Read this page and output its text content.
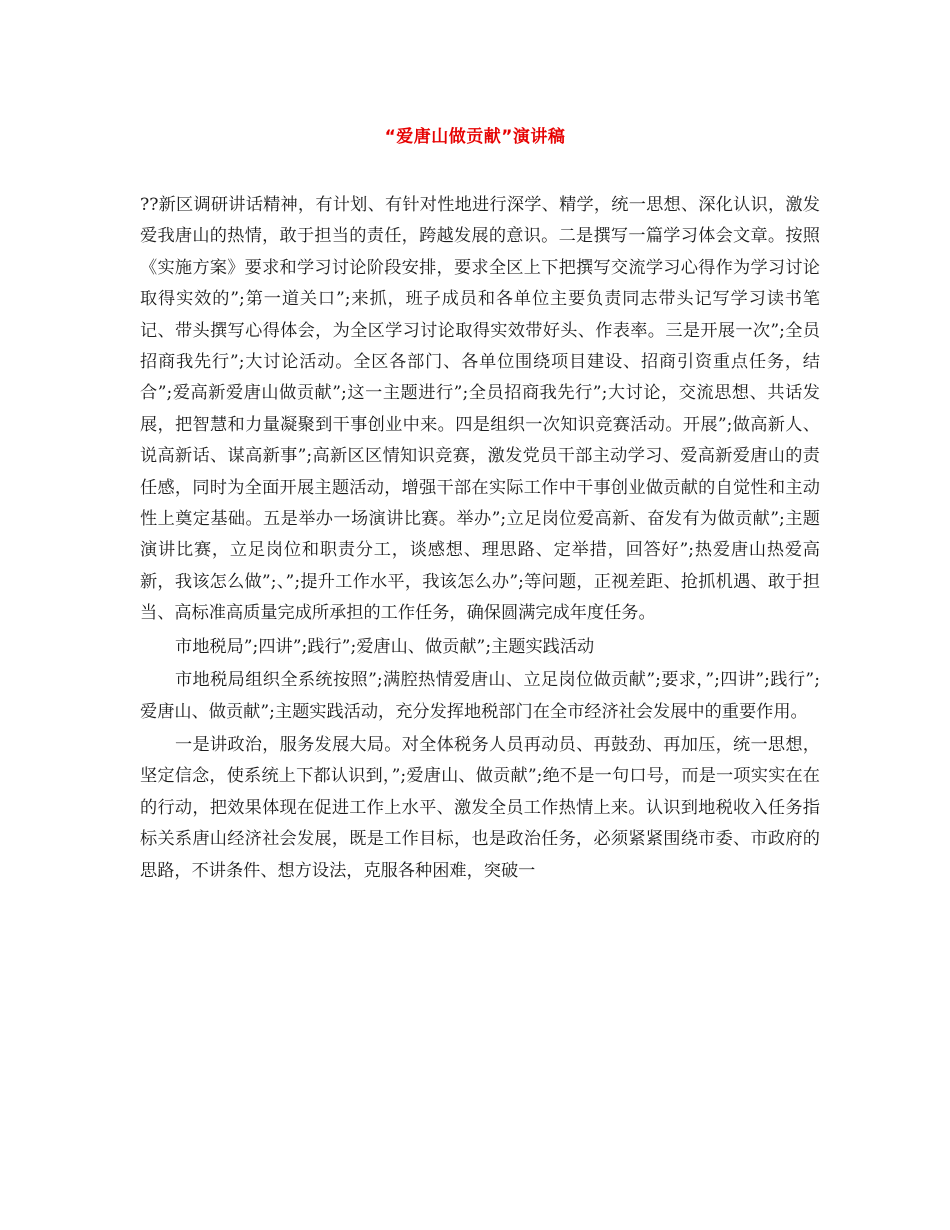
“爱唐山做贡献”演讲稿

??新区调研讲话精神，有计划、有针对性地进行深学、精学，统一思想、深化认识，激发爱我唐山的热情，敢于担当的责任，跨越发展的意识。二是撰写一篇学习体会文章。按照《实施方案》要求和学习讨论阶段安排，要求全区上下把撰写交流学习心得作为学习讨论取得实效的”;第一道关口”;来抓，班子成员和各单位主要负责同志带头记写学习读书笔记、带头撰写心得体会，为全区学习讨论取得实效带好头、作表率。三是开展一次”;全员招商我先行”;大讨论活动。全区各部门、各单位围绕项目建设、招商引资重点任务，结合”;爱高新爱唐山做贡献”;这一主题进行”;全员招商我先行”;大讨论，交流思想、共话发展，把智慧和力量凝聚到干事创业中来。四是组织一次知识竞赛活动。开展”;做高新人、说高新话、谋高新事”;高新区区情知识竞赛，激发党员干部主动学习、爱高新爱唐山的责任感，同时为全面开展主题活动，增强干部在实际工作中干事创业做贡献的自觉性和主动性上奠定基础。五是举办一场演讲比赛。举办”;立足岗位爱高新、奋发有为做贡献”;主题演讲比赛，立足岗位和职责分工，谈感想、理思路、定举措，回答好”;热爱唐山热爱高新，我该怎么做”;、”;提升工作水平，我该怎么办”;等问题，正视差距、抢抓机遇、敢于担当、高标准高质量完成所承担的工作任务，确保圆满完成年度任务。

市地税局”;四讲”;践行”;爱唐山、做贡献”;主题实践活动

市地税局组织全系统按照”;满腔热情爱唐山、立足岗位做贡献”;要求，”;四讲”;践行”;爱唐山、做贡献”;主题实践活动，充分发挥地税部门在全市经济社会发展中的重要作用。

一是讲政治，服务发展大局。对全体税务人员再动员、再鼓劲、再加压，统一思想，坚定信念，使系统上下都认识到，”;爱唐山、做贡献”;绝不是一句口号，而是一项实实在在的行动，把效果体现在促进工作上水平、激发全员工作热情上来。认识到地税收入任务指标关系唐山经济社会发展，既是工作目标，也是政治任务，必须紧紧围绕市委、市政府的思路，不讲条件、想方设法，克服各种困难，突破一
